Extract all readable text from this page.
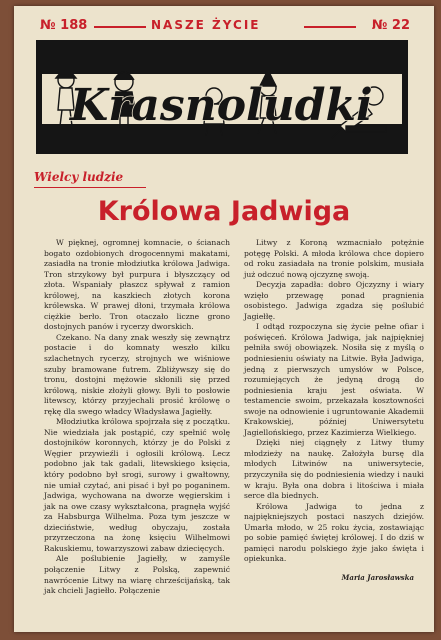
№ 188	NASZE ŻYCIE	№ 22
Krasnoludki
Wielcy ludzie
Królowa Jadwiga

W pięknej, ogromnej komnacie, o ścianach bogato ozdobionych drogocennymi makatami, zasiadła na tronie młodziutka królowa Jadwiga. Tron strzykowy był purpura i błyszczący od złota. Wspaniały płaszcz spływał z ramion królowej, na kaszkiech złotych korona królewska. W prawej dłoni, trzymała królowa ciężkie berło. Tron otaczało liczne grono dostojnych panów i rycerzy dworskich.

Czekano. Na dany znak weszły się zewnątrz postacie i do komnaty weszło kilku szlachetnych rycerzy, strojnych we wiśniowe szuby bramowane futrem. Zbliżywszy się do tronu, dostojni mężowie skłonili się przed królową, niskie złożyli głowy. Byli to posłowie litewscy, którzy przyjechali prosić królowę o rękę dla swego władcy Władysława Jagiełły.

Młodziutka królowa spojrzała się z początku. Nie wiedziała jak postąpić, czy spełnić wolę dostojników koronnych, którzy je do Polski z Węgier przywieźli i ogłosili królową. Lecz podobno jak tak gadali, litewskiego księcia, który podobno był srogi, surowy i gwałtowny, nie umiał czytać, ani pisać i był po poganinem. Jadwiga, wychowana na dworze węgierskim i jak na owe czasy wykształcona, pragnęła wyjść za Habsburga Wilhelma. Poza tym jeszcze w dzieciństwie, według obyczaju, została przyrzeczona na żonę księciu Wilhelmowi Rakuskiemu, towarzyszowi zabaw dziecięcych.

Ale poślubienie Jagiełły, w zamyśle połączenie Litwy z Polską, zapewnić nawrócenie Litwy na wiarę chrześcijańską, tak jak chcieli Jagiełło. Połączenie

Litwy z Koroną wzmacniało potężnie potęgę Polski. A młoda królowa chce dopiero od roku zasiadała na tronie polskim, musiała już odczuć nową ojczyznę swoją.

Decyzja zapadła: dobro Ojczyzny i wiary wzięło przewagę ponad pragnienia osobistego. Jadwiga zgadza się poślubić Jagiełłę.

I odtąd rozpoczyna się życie pełne ofiar i poświęceń. Królowa Jadwiga, jak najpiękniej pełniła swój obowiązek. Nosiła się z myślą o podniesieniu oświaty na Litwie. Była Jadwiga, jedną z pierwszych umysłów w Polsce, rozumiejących że jedyną drogą do podniesienia kraju jest oświata. W testamencie swoim, przekazała kosztowności swoje na odnowienie i ugruntowanie Akademii Krakowskiej, później Uniwersytetu Jagiellońskiego, przez Kazimierza Wielkiego.

Dzięki niej ciągnęły z Litwy tłumy młodzieży na naukę. Założyła bursę dla młodych Litwinów na uniwersytecie, przyczyniła się do podniesienia wiedzy i nauki w kraju. Była ona dobra i litościwa i miała serce dla biednych.

Królowa Jadwiga to jedna z najpiękniejszych postaci naszych dziejów. Umarła młodo, w 25 roku życia, zostawiając po sobie pamięć świętej królowej. I do dziś w pamięci narodu polskiego żyje jako święta i opiekunka.

Maria Jarosławska
